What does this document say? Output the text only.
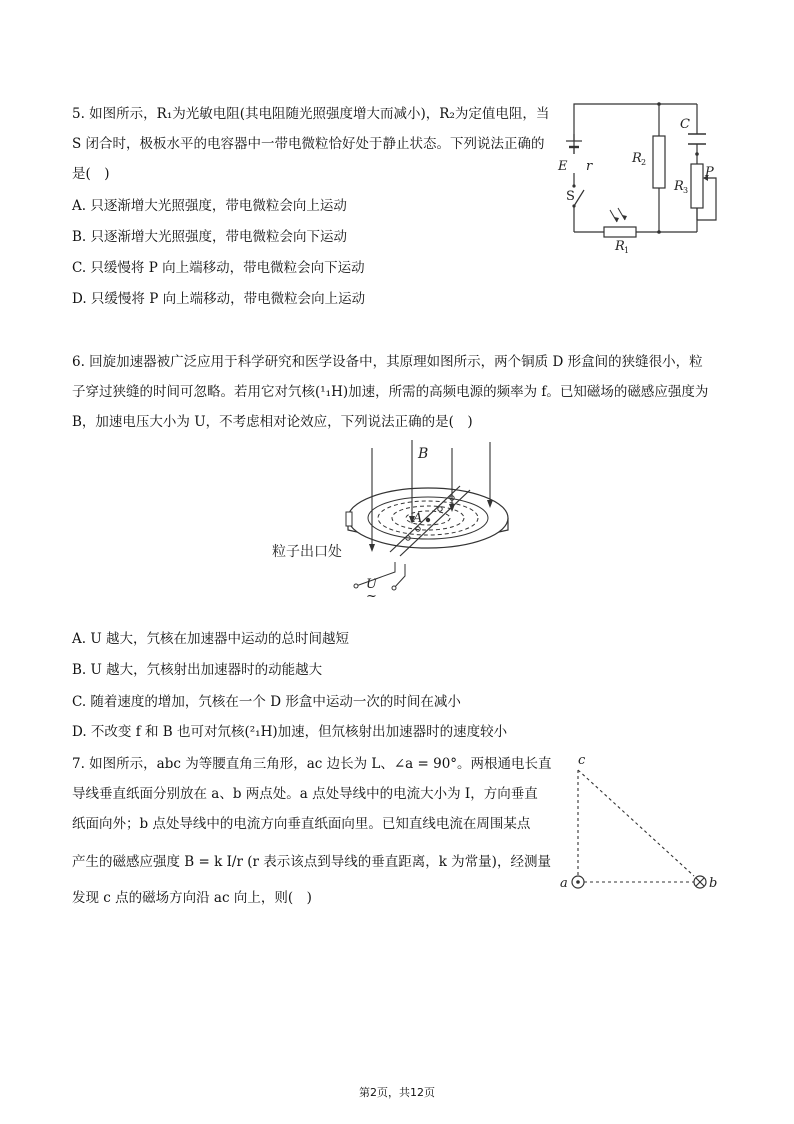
5. 如图所示，R₁为光敏电阻(其电阻随光照强度增大而减小)，R₂为定值电阻，当
S 闭合时，极板水平的电容器中一带电微粒恰好处于静止状态。下列说法正确的
是(　)
A. 只逐渐增大光照强度，带电微粒会向上运动
B. 只逐渐增大光照强度，带电微粒会向下运动
C. 只缓慢将 P 向上端移动，带电微粒会向下运动
D. 只缓慢将 P 向上端移动，带电微粒会向上运动
E r
S
R 1
R 2
C
R 3
P
6. 回旋加速器被广泛应用于科学研究和医学设备中，其原理如图所示，两个铜质 D 形盒间的狭缝很小，粒
子穿过狭缝的时间可忽略。若用它对氕核(¹₁H)加速，所需的高频电源的频率为 f。已知磁场的磁感应强度为
B，加速电压大小为 U，不考虑相对论效应，下列说法正确的是(　)
B
A
粒子出口处
U
~
A. U 越大，氕核在加速器中运动的总时间越短
B. U 越大，氕核射出加速器时的动能越大
C. 随着速度的增加，氕核在一个 D 形盒中运动一次的时间在减小
D. 不改变 f 和 B 也可对氘核(²₁H)加速，但氘核射出加速器时的速度较小
7. 如图所示，abc 为等腰直角三角形，ac 边长为 L、∠a = 90°。两根通电长直
导线垂直纸面分别放在 a、b 两点处。a 点处导线中的电流大小为 I，方向垂直
纸面向外；b 点处导线中的电流方向垂直纸面向里。已知直线电流在周围某点
产生的磁感应强度 B = k I/r (r 表示该点到导线的垂直距离，k 为常量)，经测量
发现 c 点的磁场方向沿 ac 向上，则(　)
c
a	b
第2页，共12页
